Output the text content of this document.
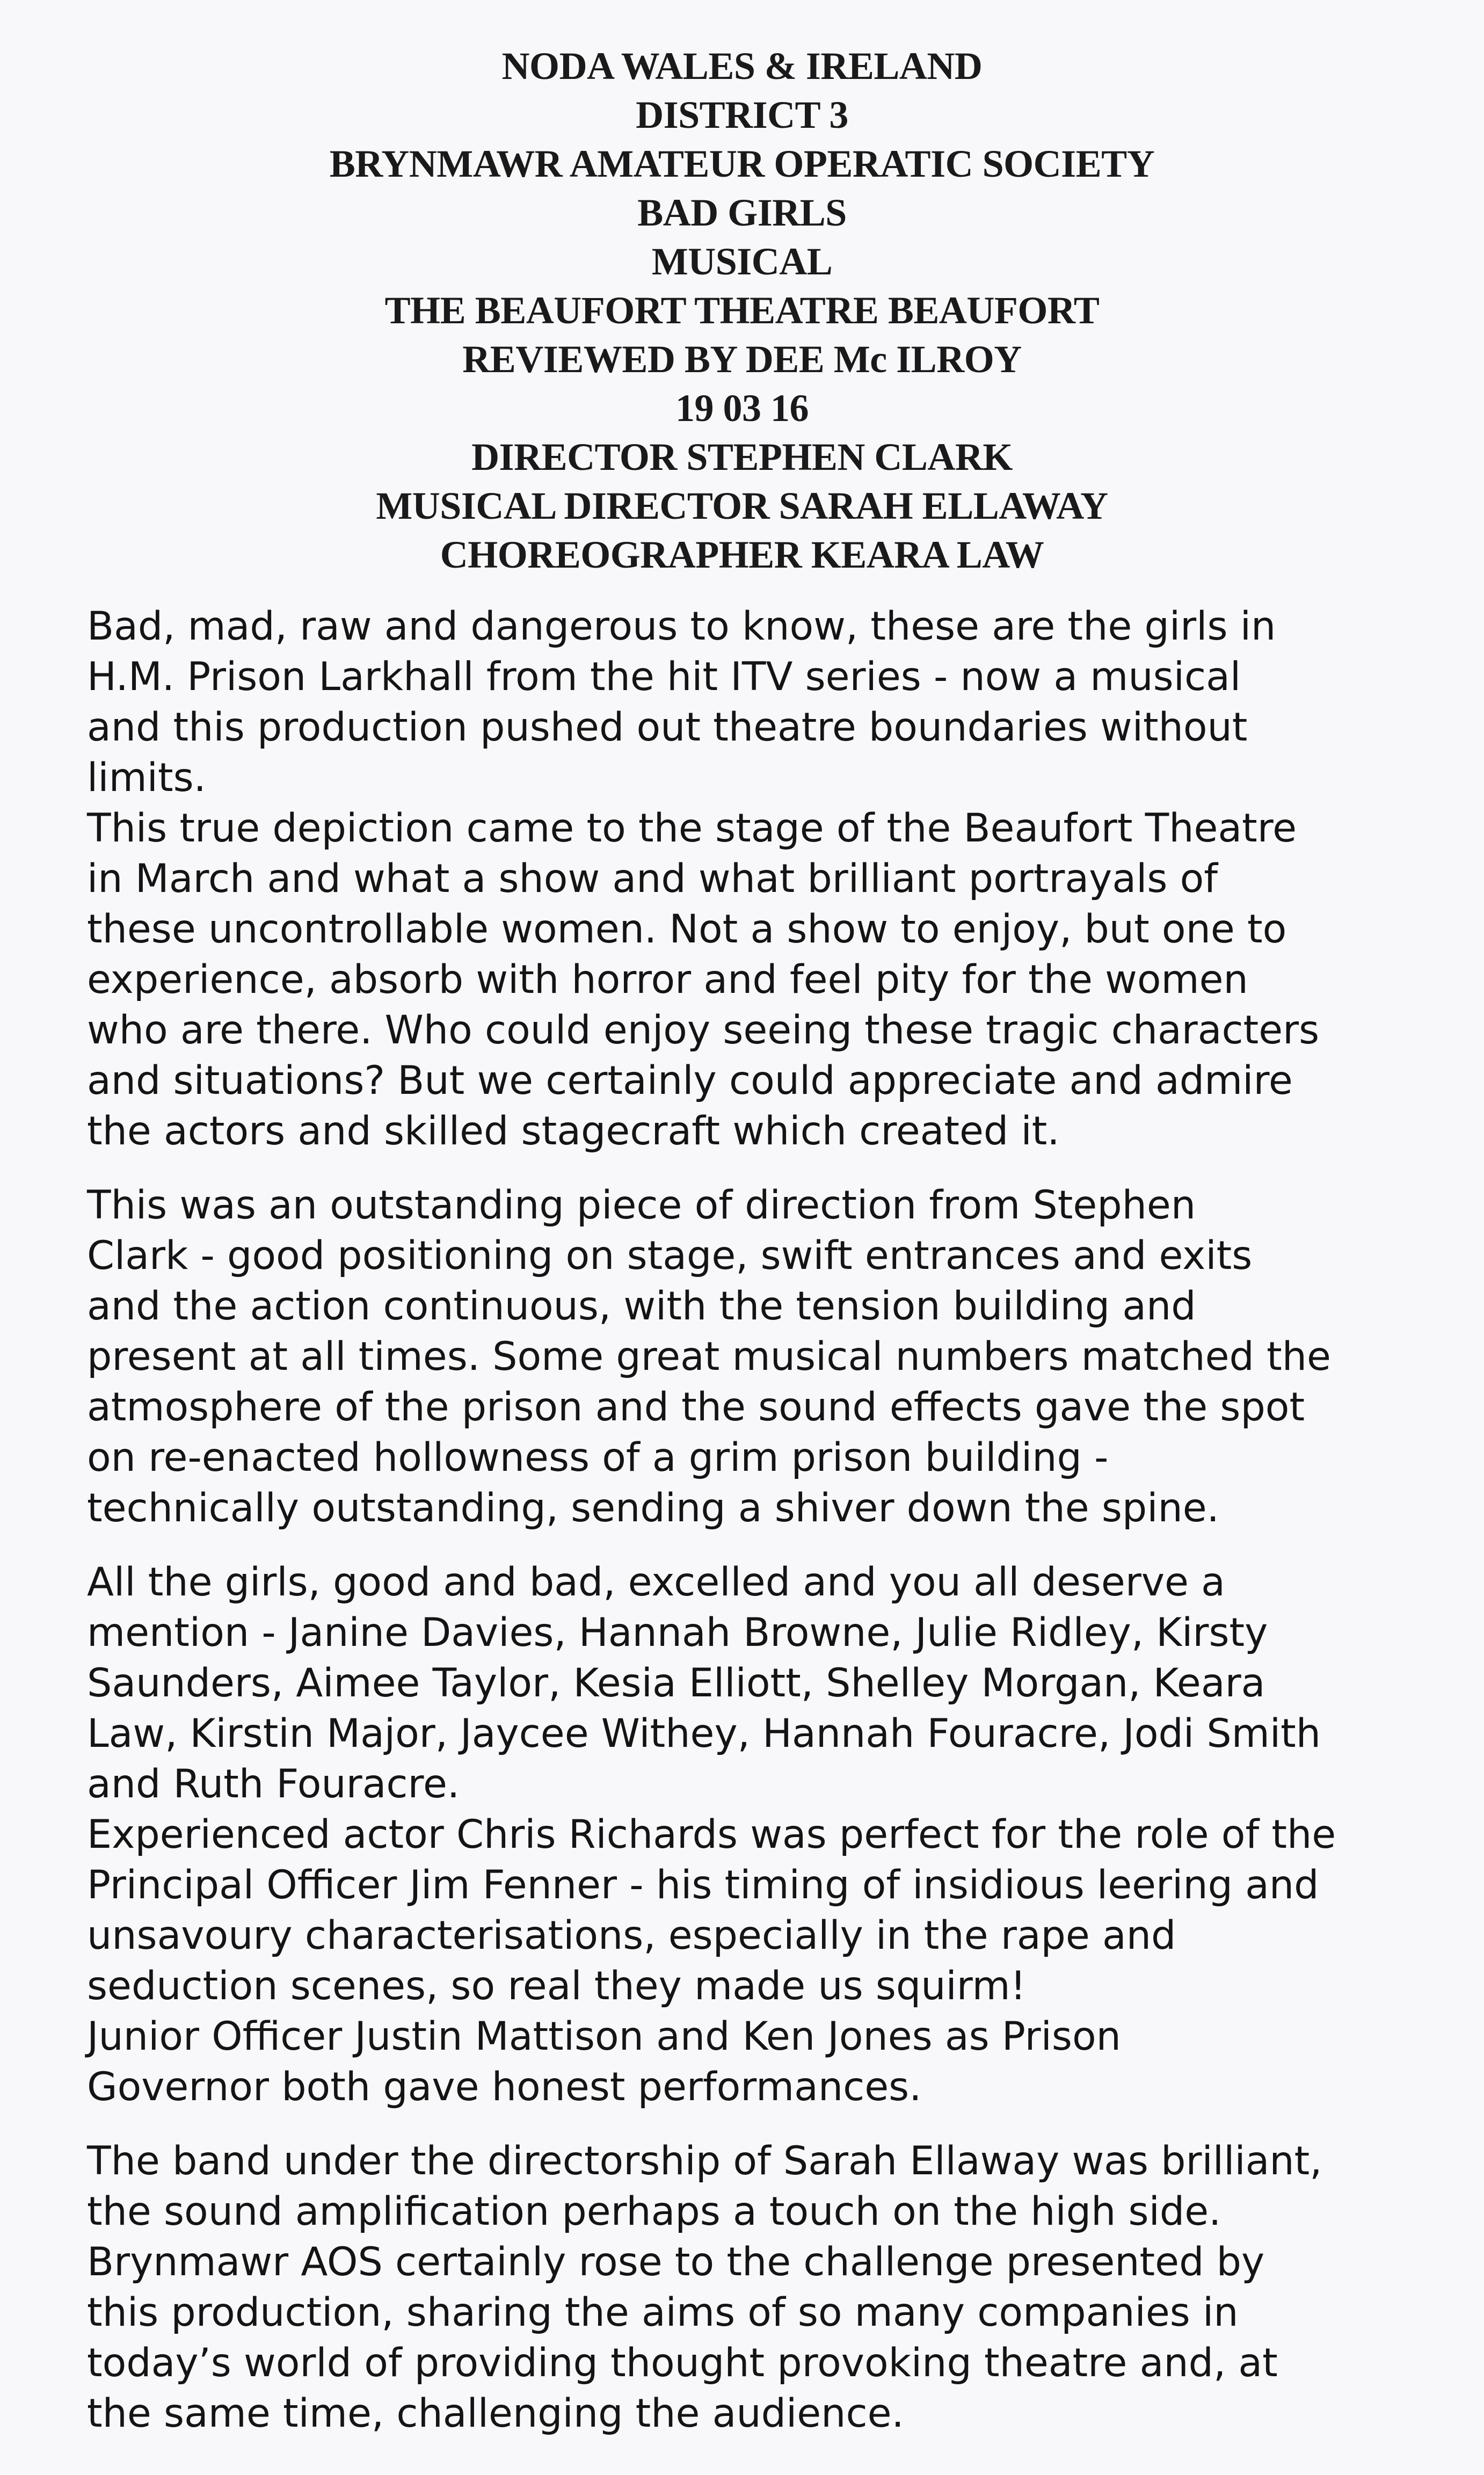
NODA WALES & IRELAND
DISTRICT 3
BRYNMAWR AMATEUR OPERATIC SOCIETY
BAD GIRLS
MUSICAL
THE BEAUFORT THEATRE BEAUFORT
REVIEWED BY DEE Mc ILROY
19 03 16
DIRECTOR STEPHEN CLARK
MUSICAL DIRECTOR SARAH ELLAWAY
CHOREOGRAPHER KEARA LAW
Bad, mad, raw and dangerous to know, these are the girls in
H.M. Prison Larkhall from the hit ITV series - now a musical
and this production pushed out theatre boundaries without
limits.
This true depiction came to the stage of the Beaufort Theatre
in March and what a show and what brilliant portrayals of
these uncontrollable women. Not a show to enjoy, but one to
experience, absorb with horror and feel pity for the women
who are there. Who could enjoy seeing these tragic characters
and situations? But we certainly could appreciate and admire
the actors and skilled stagecraft which created it.
This was an outstanding piece of direction from Stephen
Clark - good positioning on stage, swift entrances and exits
and the action continuous, with the tension building and
present at all times. Some great musical numbers matched the
atmosphere of the prison and the sound effects gave the spot
on re-enacted hollowness of a grim prison building -
technically outstanding, sending a shiver down the spine.
All the girls, good and bad, excelled and you all deserve a
mention - Janine Davies, Hannah Browne, Julie Ridley, Kirsty
Saunders, Aimee Taylor, Kesia Elliott, Shelley Morgan, Keara
Law, Kirstin Major, Jaycee Withey, Hannah Fouracre, Jodi Smith
and Ruth Fouracre.
Experienced actor Chris Richards was perfect for the role of the
Principal Officer Jim Fenner - his timing of insidious leering and
unsavoury characterisations, especially in the rape and
seduction scenes, so real they made us squirm!
Junior Officer Justin Mattison and Ken Jones as Prison
Governor both gave honest performances.
The band under the directorship of Sarah Ellaway was brilliant,
the sound amplification perhaps a touch on the high side.
Brynmawr AOS certainly rose to the challenge presented by
this production, sharing the aims of so many companies in
today’s world of providing thought provoking theatre and, at
the same time, challenging the audience.
